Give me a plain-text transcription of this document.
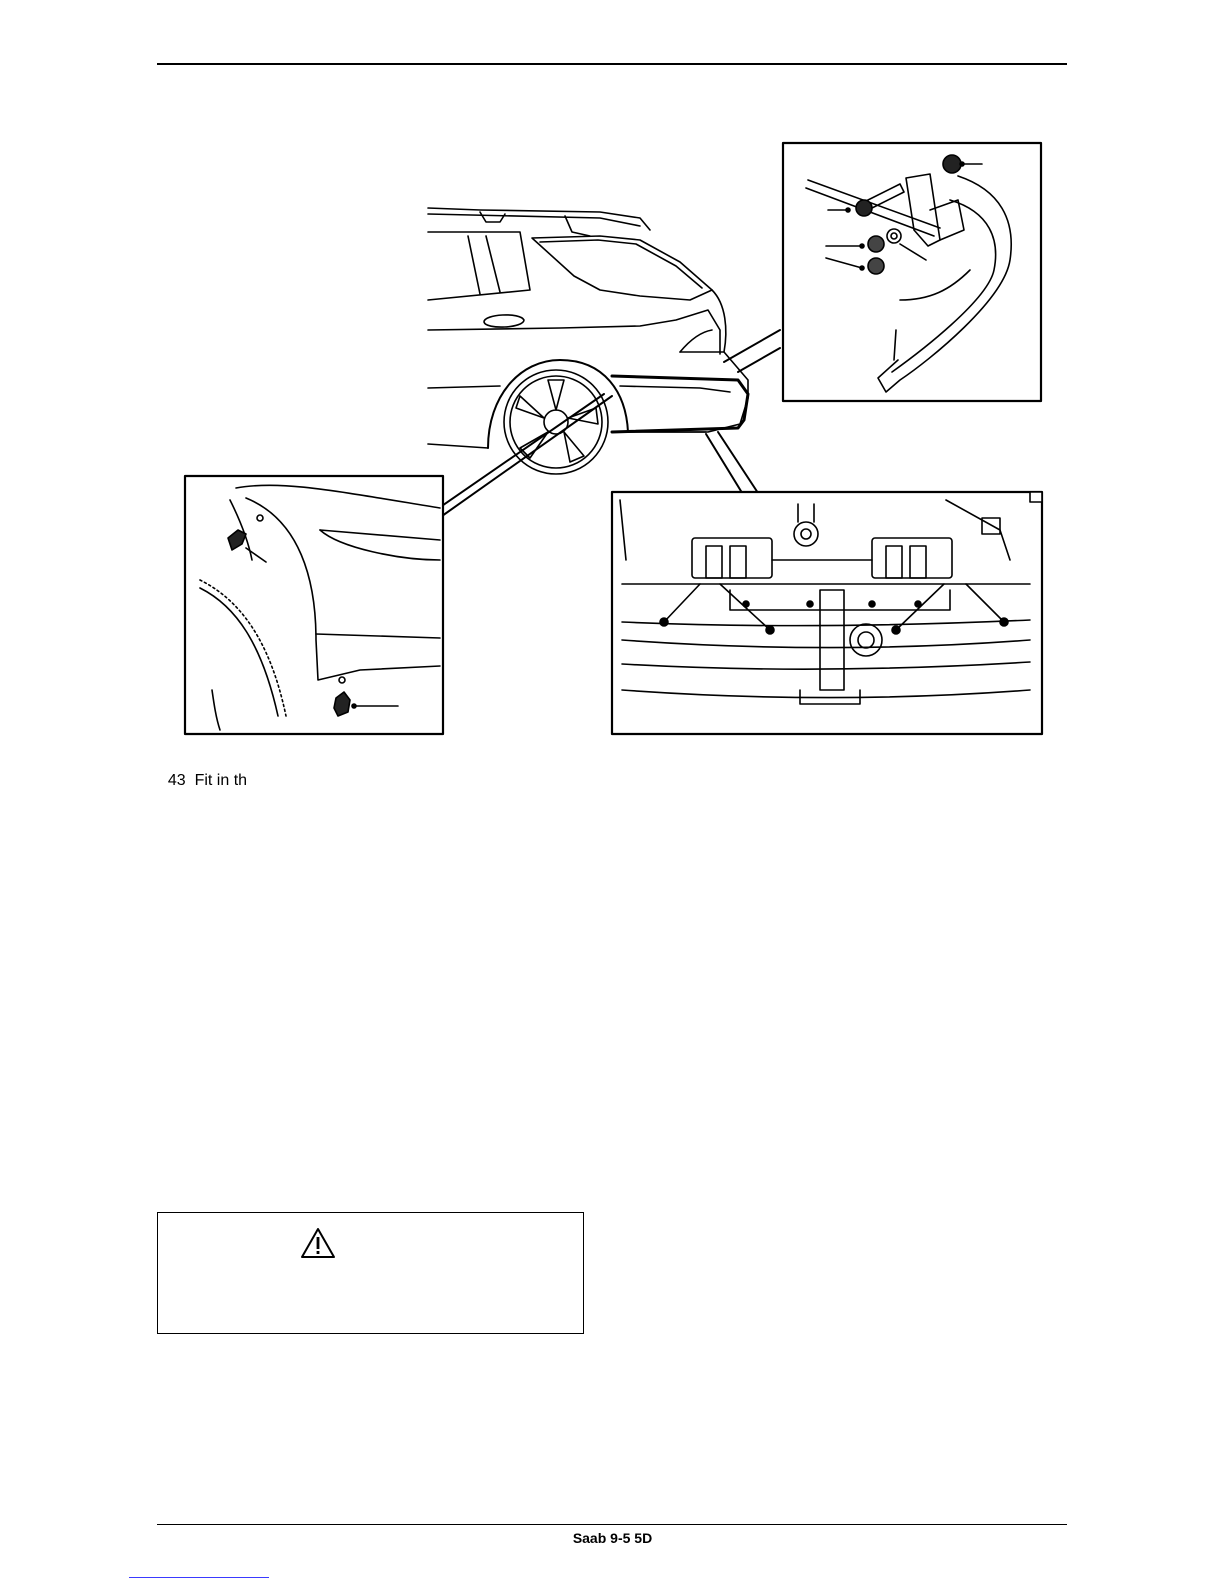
43 Fit in th

Saab 9-5 5D
